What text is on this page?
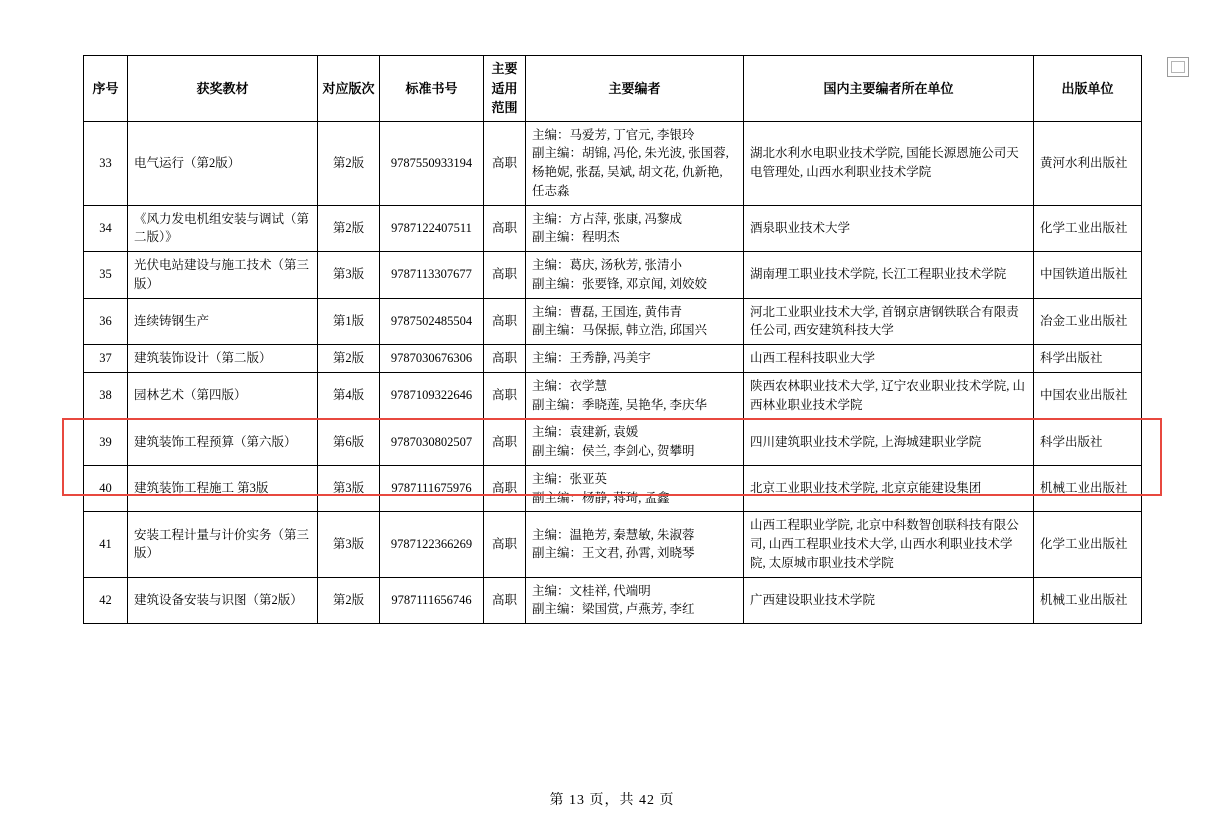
序号	获奖教材	对应版次	标准书号	主要适用范围	主要编者	国内主要编者所在单位	出版单位
33	电气运行（第2版）	第2版	9787550933194	高职	主编：马爱芳, 丁官元, 李银玲
副主编：胡锦, 冯伦, 朱光波, 张国蓉, 杨艳妮, 张磊, 吴斌, 胡文花, 仇新艳, 任志淼	湖北水利水电职业技术学院, 国能长源恩施公司天电管理处, 山西水利职业技术学院	黄河水利出版社
34	《风力发电机组安装与调试（第二版）》	第2版	9787122407511	高职	主编：方占萍, 张康, 冯黎成
副主编：程明杰	酒泉职业技术大学	化学工业出版社
35	光伏电站建设与施工技术（第三版）	第3版	9787113307677	高职	主编：葛庆, 汤秋芳, 张清小
副主编：张要锋, 邓京闻, 刘姣姣	湖南理工职业技术学院, 长江工程职业技术学院	中国铁道出版社
36	连续铸钢生产	第1版	9787502485504	高职	主编：曹磊, 王国连, 黄伟青
副主编：马保振, 韩立浩, 邱国兴	河北工业职业技术大学, 首钢京唐钢铁联合有限责任公司, 西安建筑科技大学	冶金工业出版社
37	建筑装饰设计（第二版）	第2版	9787030676306	高职	主编：王秀静, 冯美宇	山西工程科技职业大学	科学出版社
38	园林艺术（第四版）	第4版	9787109322646	高职	主编：衣学慧
副主编：季晓莲, 吴艳华, 李庆华	陕西农林职业技术大学, 辽宁农业职业技术学院, 山西林业职业技术学院	中国农业出版社
39	建筑装饰工程预算（第六版）	第6版	9787030802507	高职	主编：袁建新, 袁媛
副主编：侯兰, 李剑心, 贺攀明	四川建筑职业技术学院, 上海城建职业学院	科学出版社
40	建筑装饰工程施工 第3版	第3版	9787111675976	高职	主编：张亚英
副主编：杨静, 蒋琦, 孟鑫	北京工业职业技术学院, 北京京能建设集团	机械工业出版社
41	安装工程计量与计价实务（第三版）	第3版	9787122366269	高职	主编：温艳芳, 秦慧敏, 朱淑蓉
副主编：王文君, 孙霄, 刘晓琴	山西工程职业学院, 北京中科数智创联科技有限公司, 山西工程职业技术大学, 山西水利职业技术学院, 太原城市职业技术学院	化学工业出版社
42	建筑设备安装与识图（第2版）	第2版	9787111656746	高职	主编：文桂祥, 代端明
副主编：梁国赏, 卢燕芳, 李红	广西建设职业技术学院	机械工业出版社
第 13 页，共 42 页
